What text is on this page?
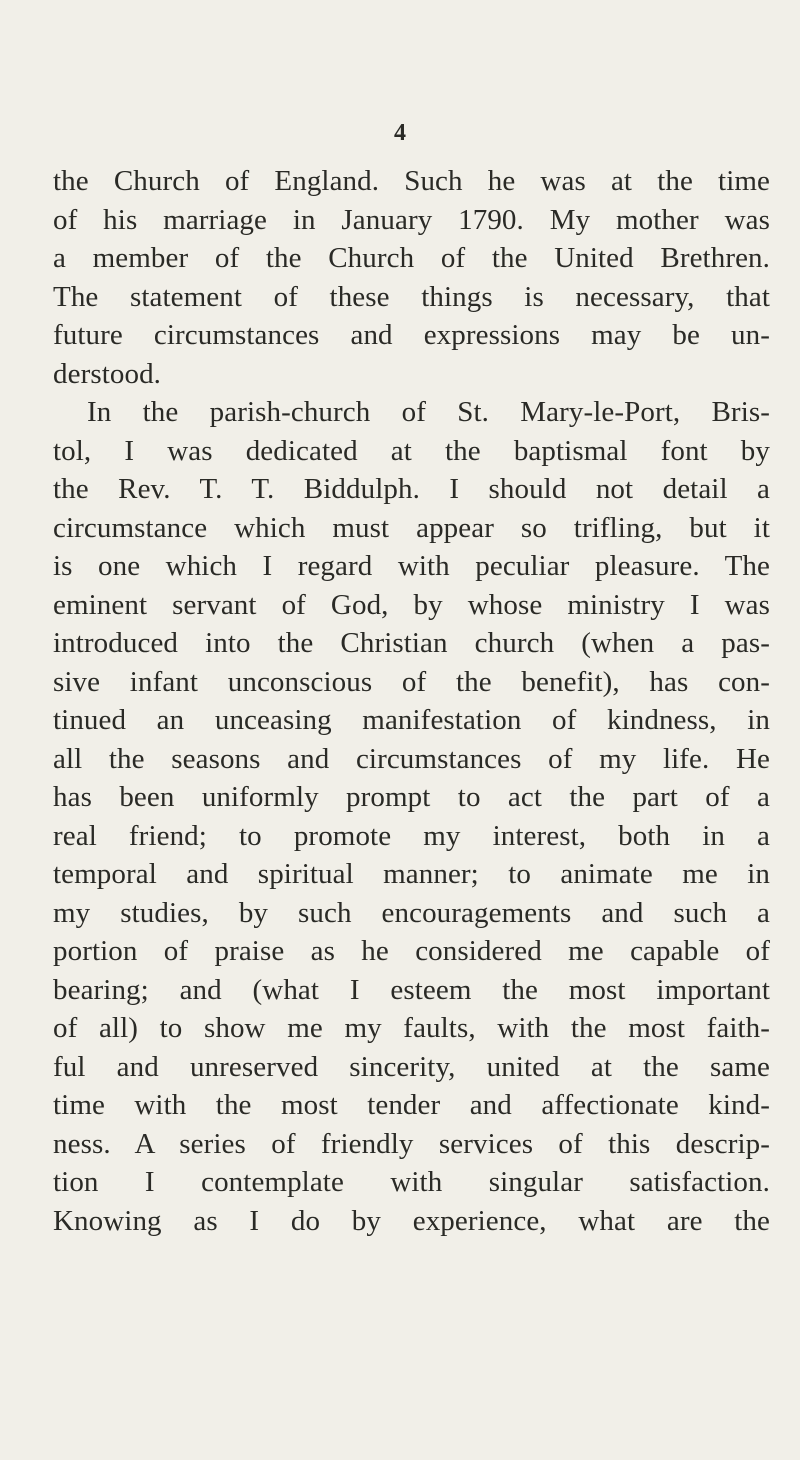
4
the Church of England. Such he was at the time
of his marriage in January 1790. My mother was
a member of the Church of the United Brethren.
The statement of these things is necessary, that
future circumstances and expressions may be un-
derstood.
In the parish-church of St. Mary-le-Port, Bris-
tol, I was dedicated at the baptismal font by
the Rev. T. T. Biddulph. I should not detail a
circumstance which must appear so trifling, but it
is one which I regard with peculiar pleasure. The
eminent servant of God, by whose ministry I was
introduced into the Christian church (when a pas-
sive infant unconscious of the benefit), has con-
tinued an unceasing manifestation of kindness, in
all the seasons and circumstances of my life. He
has been uniformly prompt to act the part of a
real friend; to promote my interest, both in a
temporal and spiritual manner; to animate me in
my studies, by such encouragements and such a
portion of praise as he considered me capable of
bearing; and (what I esteem the most important
of all) to show me my faults, with the most faith-
ful and unreserved sincerity, united at the same
time with the most tender and affectionate kind-
ness. A series of friendly services of this descrip-
tion I contemplate with singular satisfaction.
Knowing as I do by experience, what are the
